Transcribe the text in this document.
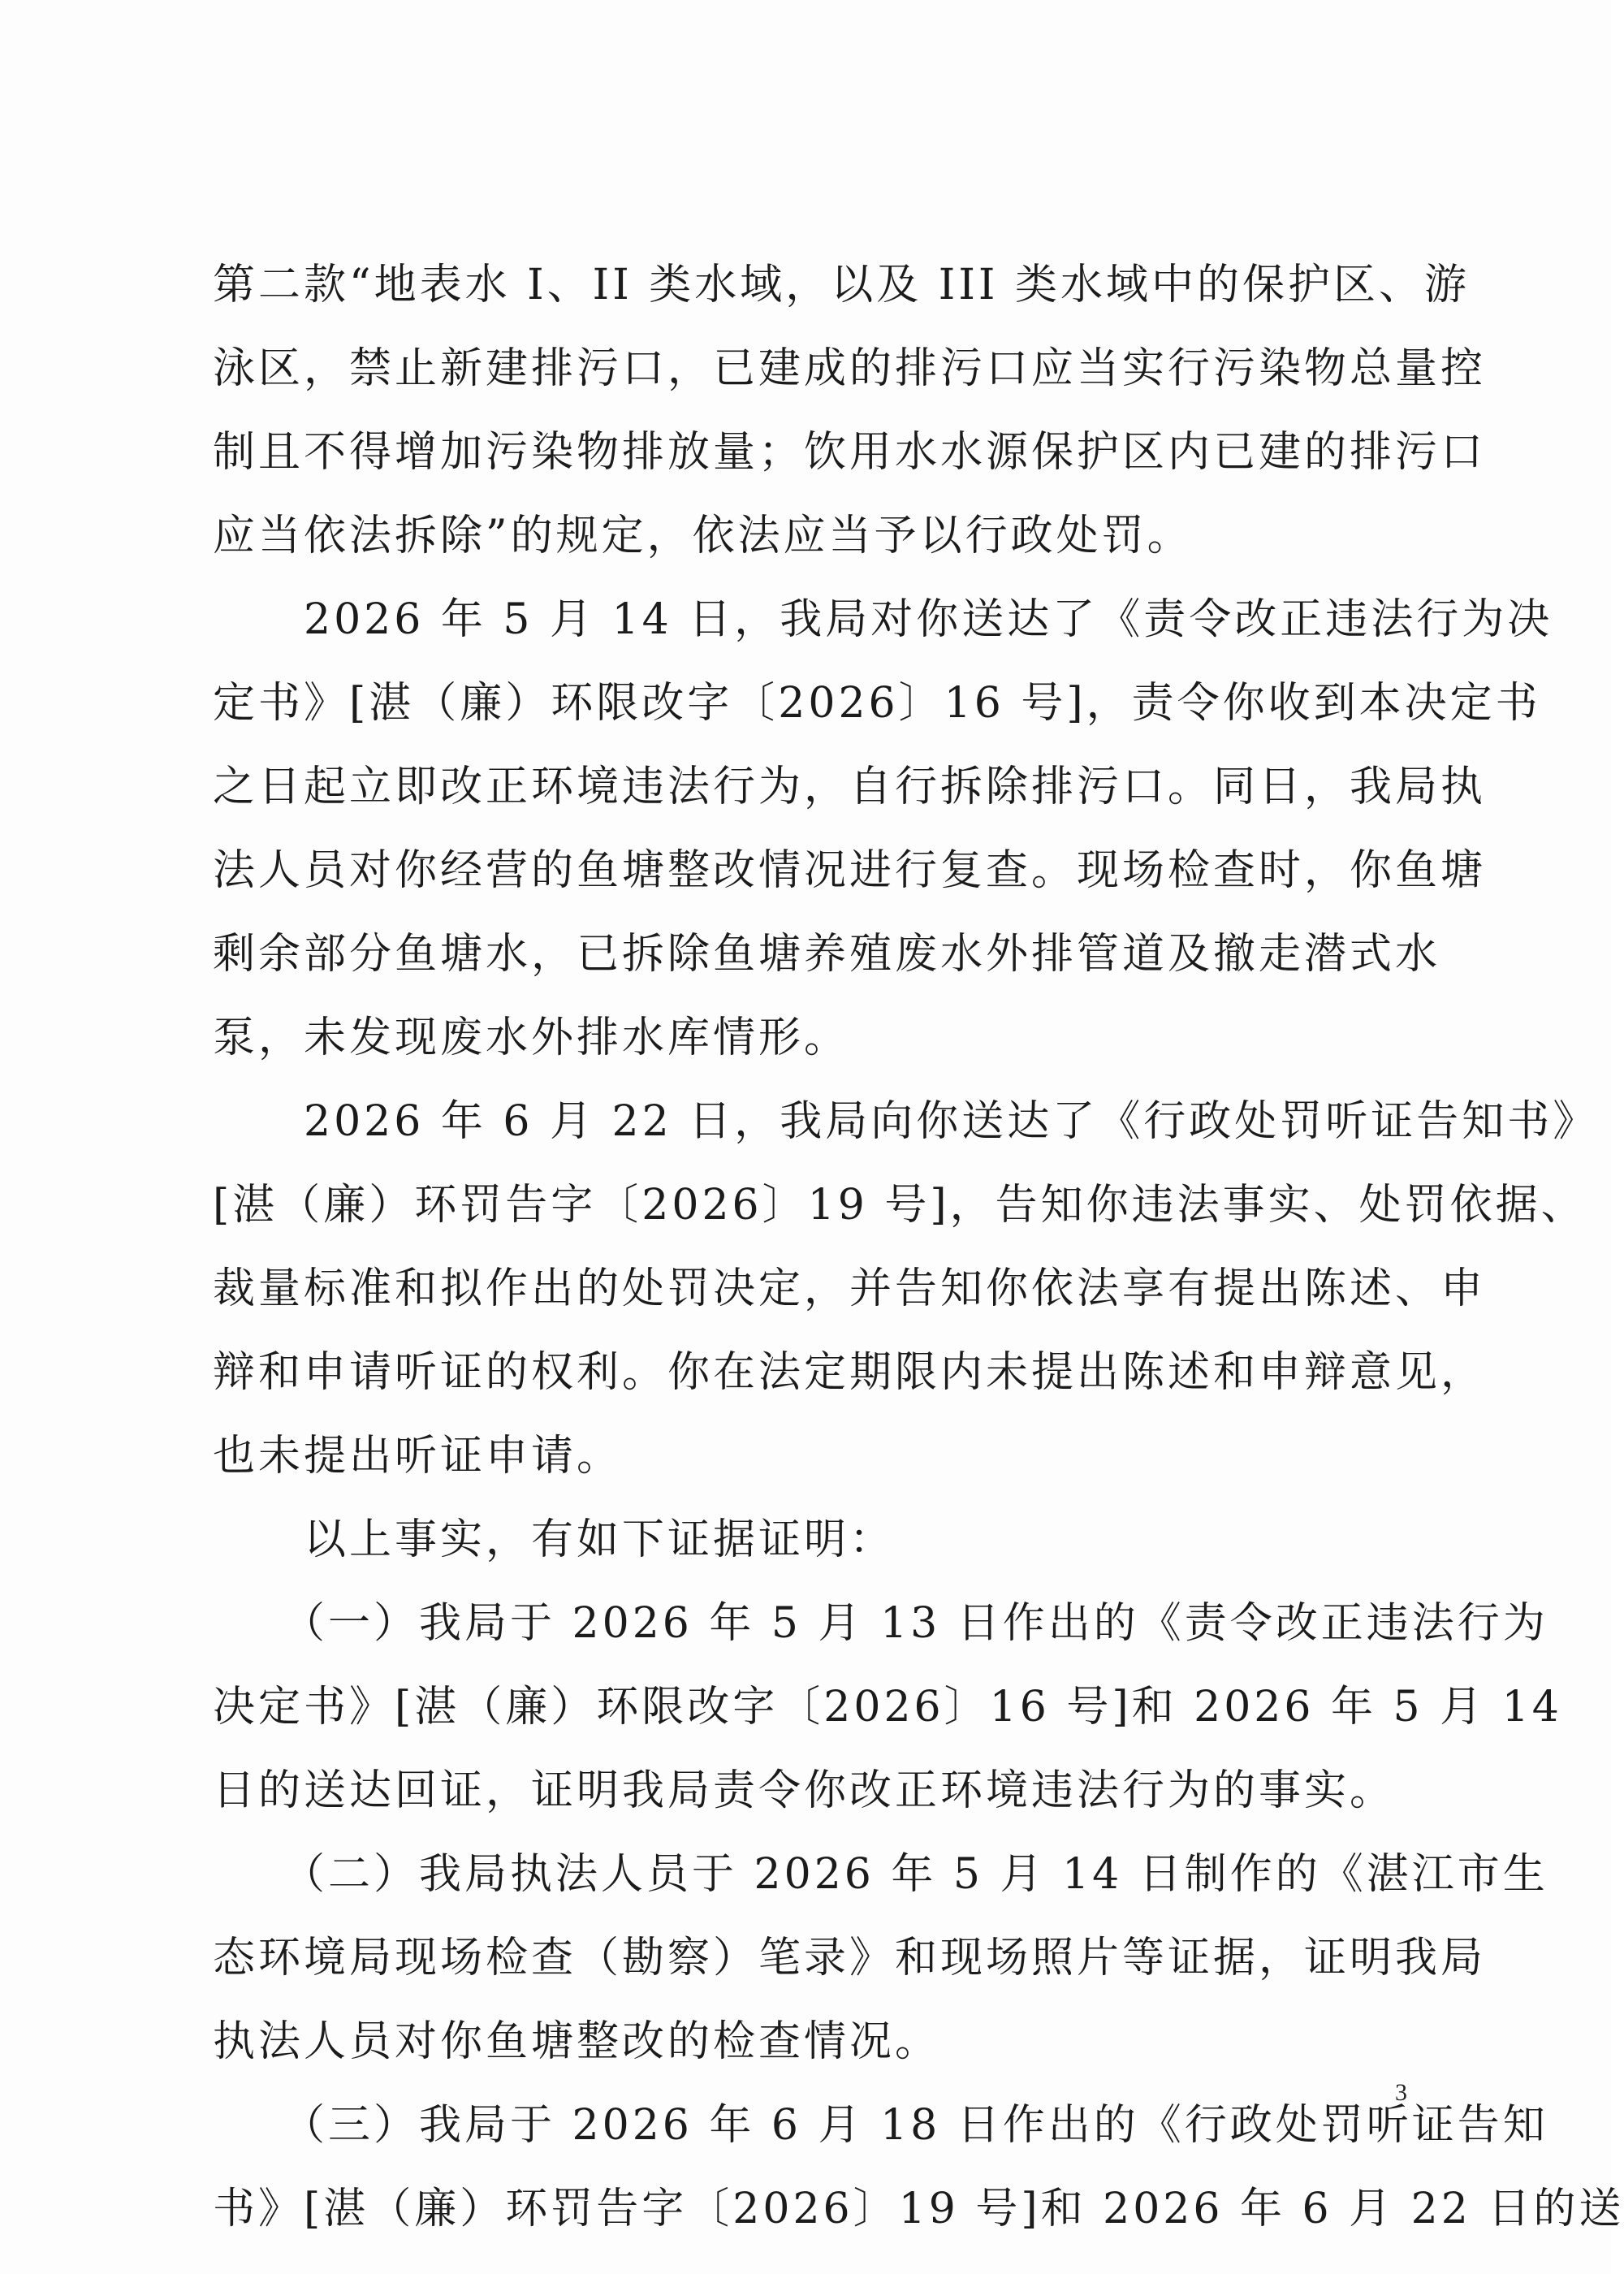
第二款“地表水 I、II 类水域，以及 III 类水域中的保护区、游
泳区，禁止新建排污口，已建成的排污口应当实行污染物总量控
制且不得增加污染物排放量；饮用水水源保护区内已建的排污口
应当依法拆除”的规定，依法应当予以行政处罚。
　　2026 年 5 月 14 日，我局对你送达了《责令改正违法行为决
定书》[湛（廉）环限改字〔2026〕16 号]，责令你收到本决定书
之日起立即改正环境违法行为，自行拆除排污口。同日，我局执
法人员对你经营的鱼塘整改情况进行复查。现场检查时，你鱼塘
剩余部分鱼塘水，已拆除鱼塘养殖废水外排管道及撤走潜式水
泵，未发现废水外排水库情形。
　　2026 年 6 月 22 日，我局向你送达了《行政处罚听证告知书》
[湛（廉）环罚告字〔2026〕19 号]，告知你违法事实、处罚依据、
裁量标准和拟作出的处罚决定，并告知你依法享有提出陈述、申
辩和申请听证的权利。你在法定期限内未提出陈述和申辩意见，
也未提出听证申请。
　　以上事实，有如下证据证明：
　　（一）我局于 2026 年 5 月 13 日作出的《责令改正违法行为
决定书》[湛（廉）环限改字〔2026〕16 号]和 2026 年 5 月 14
日的送达回证，证明我局责令你改正环境违法行为的事实。
　　（二）我局执法人员于 2026 年 5 月 14 日制作的《湛江市生
态环境局现场检查（勘察）笔录》和现场照片等证据，证明我局
执法人员对你鱼塘整改的检查情况。
　　（三）我局于 2026 年 6 月 18 日作出的《行政处罚听证告知
书》[湛（廉）环罚告字〔2026〕19 号]和 2026 年 6 月 22 日的送
3
